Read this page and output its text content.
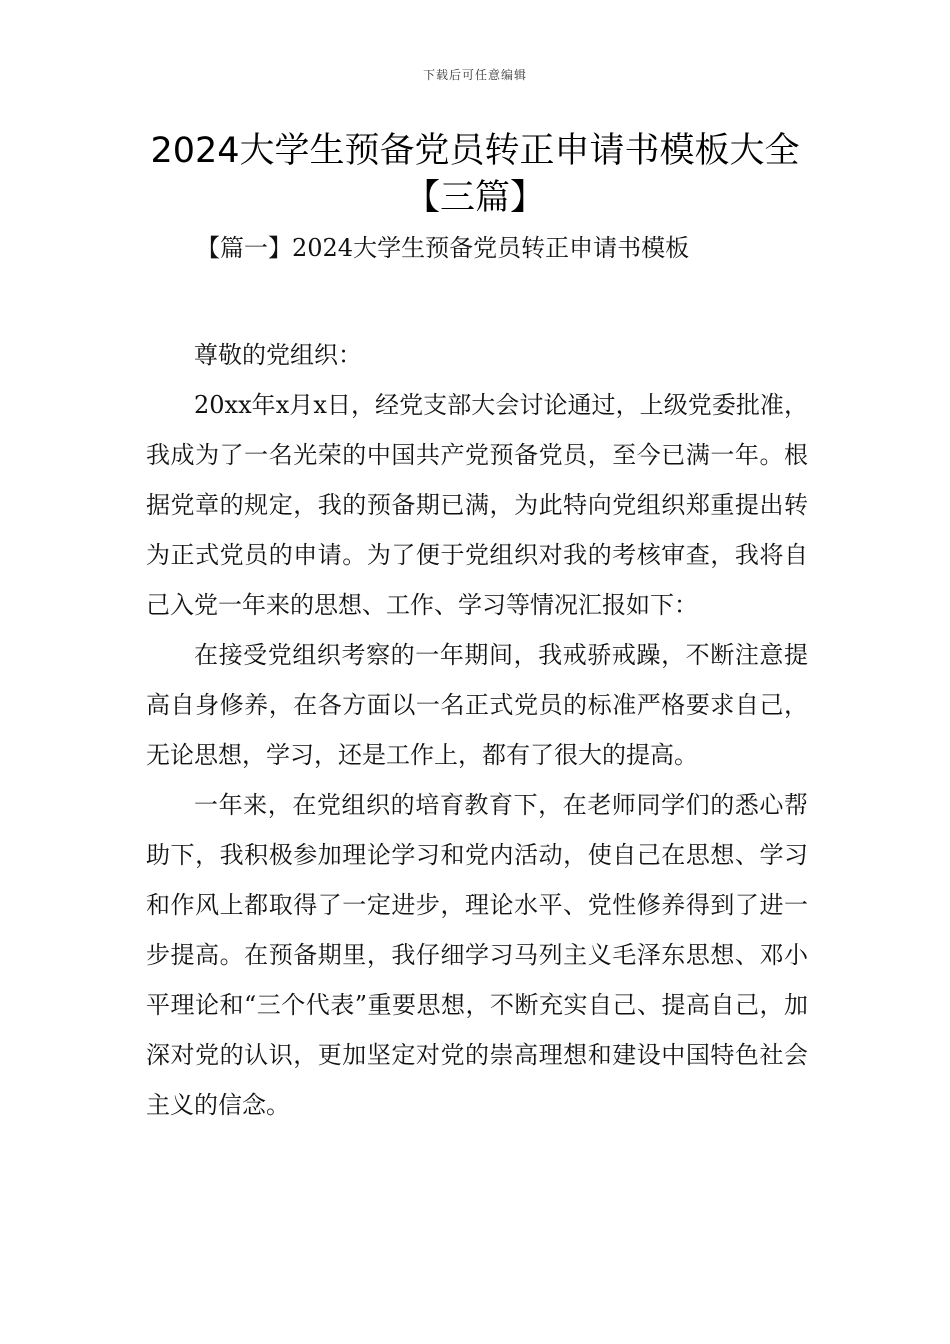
下载后可任意编辑
2024大学生预备党员转正申请书模板大全
【三篇】
【篇一】2024大学生预备党员转正申请书模板

尊敬的党组织：

20xx年x月x日，经党支部大会讨论通过，上级党委批准，我成为了一名光荣的中国共产党预备党员，至今已满一年。根据党章的规定，我的预备期已满，为此特向党组织郑重提出转为正式党员的申请。为了便于党组织对我的考核审查，我将自己入党一年来的思想、工作、学习等情况汇报如下：

在接受党组织考察的一年期间，我戒骄戒躁，不断注意提高自身修养，在各方面以一名正式党员的标准严格要求自己，无论思想，学习，还是工作上，都有了很大的提高。

一年来，在党组织的培育教育下，在老师同学们的悉心帮助下，我积极参加理论学习和党内活动，使自己在思想、学习和作风上都取得了一定进步，理论水平、党性修养得到了进一步提高。在预备期里，我仔细学习马列主义毛泽东思想、邓小平理论和“三个代表”重要思想，不断充实自己、提高自己，加深对党的认识，更加坚定对党的崇高理想和建设中国特色社会主义的信念。
